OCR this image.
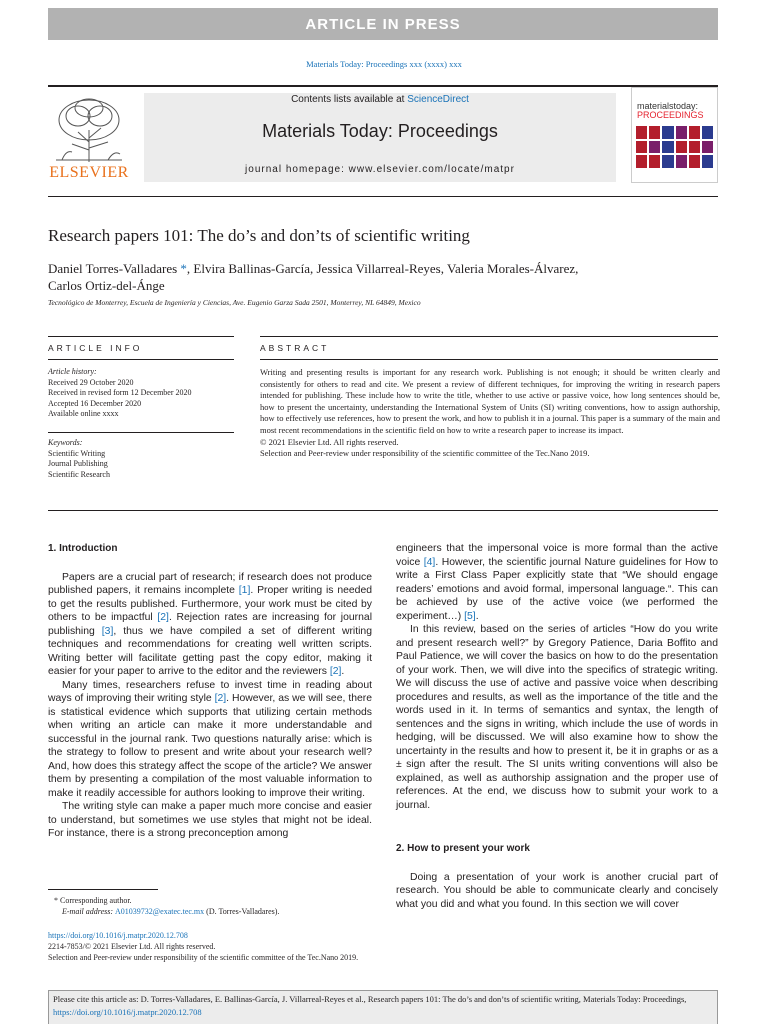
ARTICLE IN PRESS
Materials Today: Proceedings xxx (xxxx) xxx
ELSEVIER
Contents lists available at ScienceDirect
Materials Today: Proceedings
journal homepage: www.elsevier.com/locate/matpr
materialstoday:
PROCEEDINGS
Research papers 101: The do’s and don’ts of scientific writing
Daniel Torres-Valladares *, Elvira Ballinas-García, Jessica Villarreal-Reyes, Valeria Morales-Álvarez,
Carlos Ortiz-del-Ánge
Tecnológico de Monterrey, Escuela de Ingeniería y Ciencias, Ave. Eugenio Garza Sada 2501, Monterrey, NL 64849, Mexico
ARTICLE INFO
Article history:
Received 29 October 2020
Received in revised form 12 December 2020
Accepted 16 December 2020
Available online xxxx
Keywords:
Scientific Writing
Journal Publishing
Scientific Research
ABSTRACT
Writing and presenting results is important for any research work. Publishing is not enough; it should be written clearly and consistently for others to read and cite. We present a review of different techniques, for improving the writing in research papers intended for publishing. These include how to write the title, whether to use active or passive voice, how long sentences should be, how to present the uncertainty, understanding the International System of Units (SI) writing conventions, how to assign authorship, how to effectively use references, how to present the work, and how to publish it in a journal. This paper is a summary of the main and most recent recommendations in the scientific field on how to write a research paper to increase its impact.
© 2021 Elsevier Ltd. All rights reserved.
Selection and Peer-review under responsibility of the scientific committee of the Tec.Nano 2019.
1. Introduction

Papers are a crucial part of research; if research does not produce published papers, it remains incomplete [1]. Proper writing is needed to get the results published. Furthermore, your work must be cited by others to be impactful [2]. Rejection rates are increasing for journal publishing [3], thus we have compiled a set of different writing techniques and recommendations for creating well written scripts. Writing better will facilitate getting past the copy editor, making it easier for your paper to arrive to the editor and the reviewers [2].

Many times, researchers refuse to invest time in reading about ways of improving their writing style [2]. However, as we will see, there is statistical evidence which supports that utilizing certain methods when writing an article can make it more understandable and successful in the journal rank. Two questions naturally arise: which is the strategy to follow to present and write about your research well? And, how does this strategy affect the scope of the article? We answer them by presenting a compilation of the most valuable information to make it readily accessible for authors looking to improve their writing.

The writing style can make a paper much more concise and easier to understand, but sometimes we use styles that might not be ideal. For instance, there is a strong preconception among

engineers that the impersonal voice is more formal than the active voice [4]. However, the scientific journal Nature guidelines for How to write a First Class Paper explicitly state that “We should engage readers’ emotions and avoid formal, impersonal language.“. This can be achieved by use of the active voice (we performed the experiment…) [5].

In this review, based on the series of articles “How do you write and present research well?” by Gregory Patience, Daria Boffito and Paul Patience, we will cover the basics on how to do the presentation of your work. Then, we will dive into the specifics of strategic writing. We will discuss the use of active and passive voice when describing procedures and results, as well as the importance of the title and the words used in it. In terms of semantics and syntax, the length of sentences and the signs in writing, which include the use of words in hedging, will be discussed. We will also examine how to show the uncertainty in the results and how to present it, be it in graphs or as a ± sign after the result. The SI units writing conventions will also be explained, as well as authorship assignation and the proper use of references. At the end, we discuss how to submit your work to a journal.

2. How to present your work

Doing a presentation of your work is another crucial part of research. You should be able to communicate clearly and concisely what you did and what you found. In this section we will cover

* Corresponding author.
E-mail address: A01039732@exatec.tec.mx (D. Torres-Valladares).
https://doi.org/10.1016/j.matpr.2020.12.708
2214-7853/© 2021 Elsevier Ltd. All rights reserved.
Selection and Peer-review under responsibility of the scientific committee of the Tec.Nano 2019.
Please cite this article as: D. Torres-Valladares, E. Ballinas-García, J. Villarreal-Reyes et al., Research papers 101: The do’s and don’ts of scientific writing, Materials Today: Proceedings, https://doi.org/10.1016/j.matpr.2020.12.708
